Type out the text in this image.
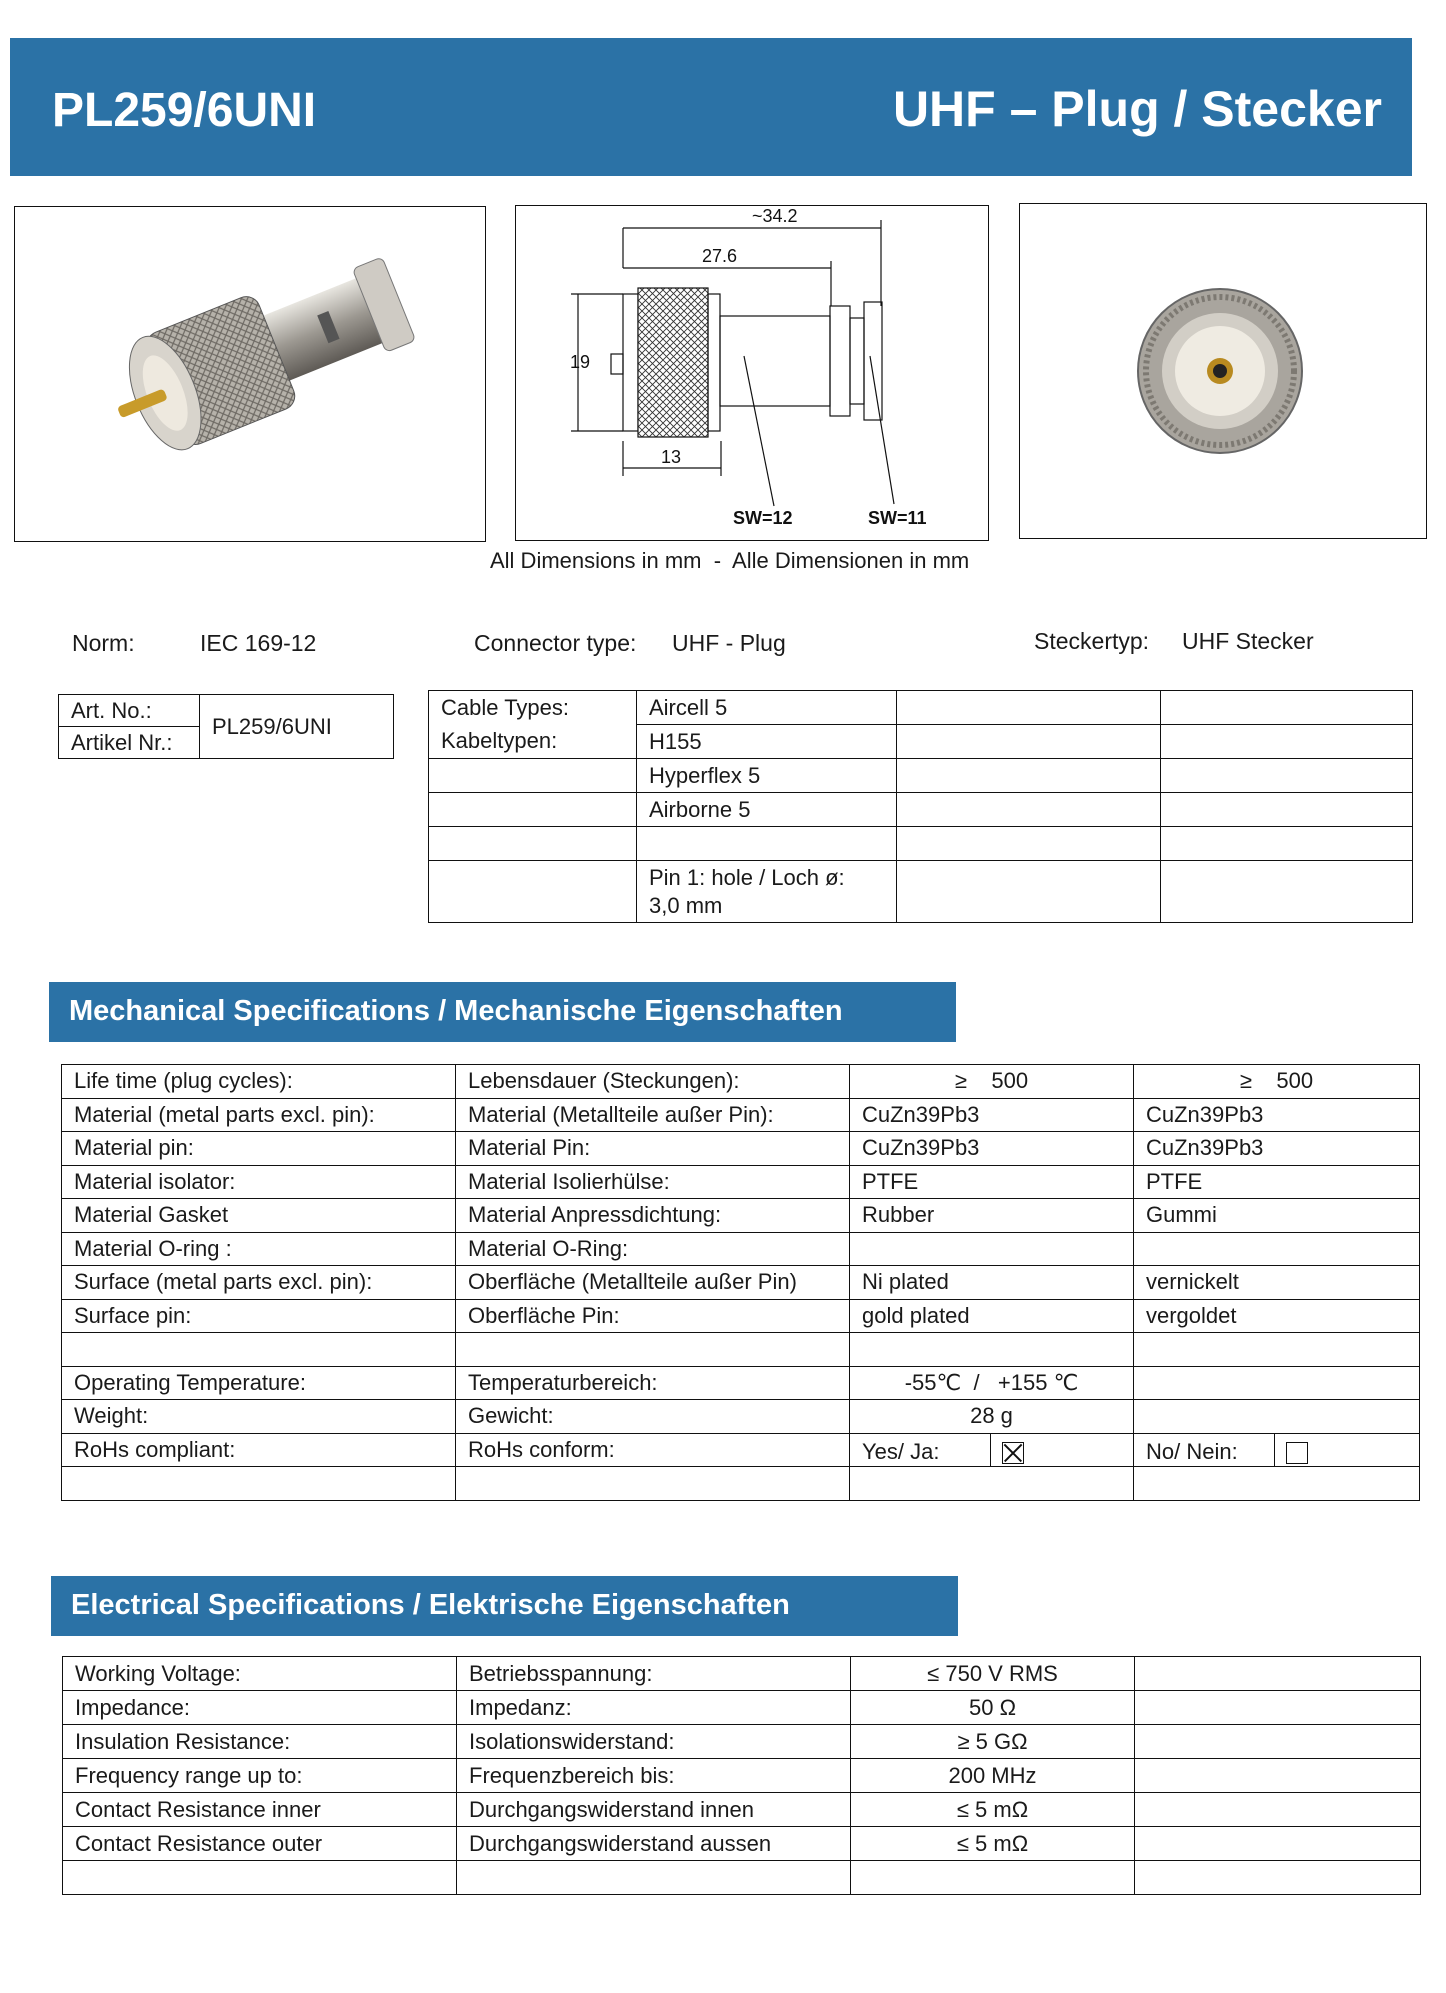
PL259/6UNI	UHF – Plug / Stecker
~34.2
27.6
19
13
SW=12	SW=11
All Dimensions in mm  -  Alle Dimensionen in mm
Norm:	IEC 169-12	Connector type: UHF - Plug	Steckertyp: UHF Stecker
Art. No.:	PL259/6UNI
Artikel Nr.:
Cable Types:	Aircell 5		
Kabeltypen:	H155		
	Hyperflex 5		
	Airborne 5		

	Pin 1: hole / Loch ø:
3,0 mm		

Mechanical Specifications / Mechanische Eigenschaften
Life time (plug cycles):	Lebensdauer (Steckungen):	≥    500	≥    500
Material (metal parts excl. pin):	Material (Metallteile außer Pin):	CuZn39Pb3	CuZn39Pb3
Material pin:	Material Pin:	CuZn39Pb3	CuZn39Pb3
Material isolator:	Material Isolierhülse:	PTFE	PTFE
Material Gasket	Material Anpressdichtung:	Rubber	Gummi
Material O-ring :	Material O-Ring:		
Surface (metal parts excl. pin):	Oberfläche (Metallteile außer Pin)	Ni plated	vernickelt
Surface pin:	Oberfläche Pin:	gold plated	vergoldet

Operating Temperature:	Temperaturbereich:	-55℃  /   +155 ℃	
Weight:	Gewicht:	28 g	
RoHs compliant:	RoHs conform:	Yes/ Ja:	No/ Nein:

Electrical Specifications / Elektrische Eigenschaften
Working Voltage:	Betriebsspannung:	≤ 750 V RMS	
Impedance:	Impedanz:	50 Ω	
Insulation Resistance:	Isolationswiderstand:	≥ 5 GΩ	
Frequency range up to:	Frequenzbereich bis:	200 MHz	
Contact Resistance inner	Durchgangswiderstand innen	≤ 5 mΩ	
Contact Resistance outer	Durchgangswiderstand aussen	≤ 5 mΩ	
